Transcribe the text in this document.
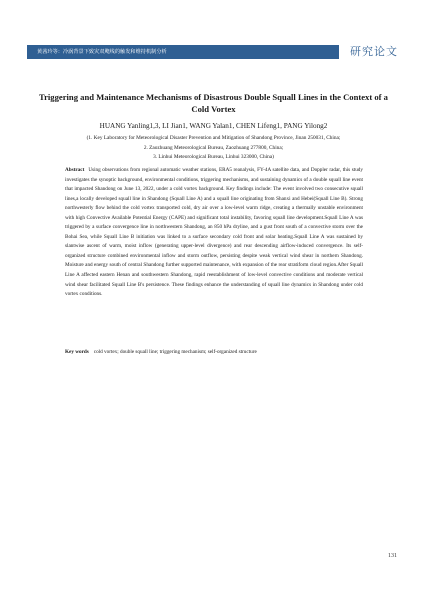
黄茜玲等：冷涡背景下致灾双飑线的触发和维持机制分析	研究论文
Triggering and Maintenance Mechanisms of Disastrous Double Squall Lines in the Context of a Cold Vortex
HUANG Yanling1,3, LI Jian1, WANG Yalan1, CHEN Lifeng1, PANG Yilong2
(1. Key Laboratory for Meteorological Disaster Prevention and Mitigation of Shandong Province, Jinan 250031, China;
2. Zaozhuang Meteorological Bureau, Zaozhuang 277800, China;
3. Linhui Meteorological Bureau, Linhui 323000, China)
Abstract Using observations from regional automatic weather stations, ERA5 reanalysis, FY-4A satellite data, and Doppler radar, this study investigates the synoptic background, environmental conditions, triggering mechanisms, and sustaining dynamics of a double squall line event that impacted Shandong on June 13, 2022, under a cold vortex background. Key findings include: The event involved two consecutive squall lines,a locally developed squall line in Shandong (Squall Line A) and a squall line originating from Shanxi and Hebei(Squall Line B). Strong northwesterly flow behind the cold vortex transported cold, dry air over a low-level warm ridge, creating a thermally unstable environment with high Convective Available Potential Energy (CAPE) and significant total instability, favoring squall line development.Squall Line A was triggered by a surface convergence line in northwestern Shandong, an 850 hPa dryline, and a gust front south of a convective storm over the Bohai Sea, while Squall Line B initiation was linked to a surface secondary cold front and solar heating.Squall Line A was sustained by slantwise ascent of warm, moist inflow (generating upper-level divergence) and rear descending airflow-induced convergence. Its self-organized structure combined environmental inflow and storm outflow, persisting despite weak vertical wind shear in northern Shandong. Moisture and energy south of central Shandong further supported maintenance, with expansion of the rear stratiform cloud region.After Squall Line A affected eastern Henan and southwestern Shandong, rapid reestablishment of low-level convective conditions and moderate vertical wind shear facilitated Squall Line B's persistence. These findings enhance the understanding of squall line dynamics in Shandong under cold vortex conditions.
Key words cold vortex; double squall line; triggering mechanism; self-organized structure
131
